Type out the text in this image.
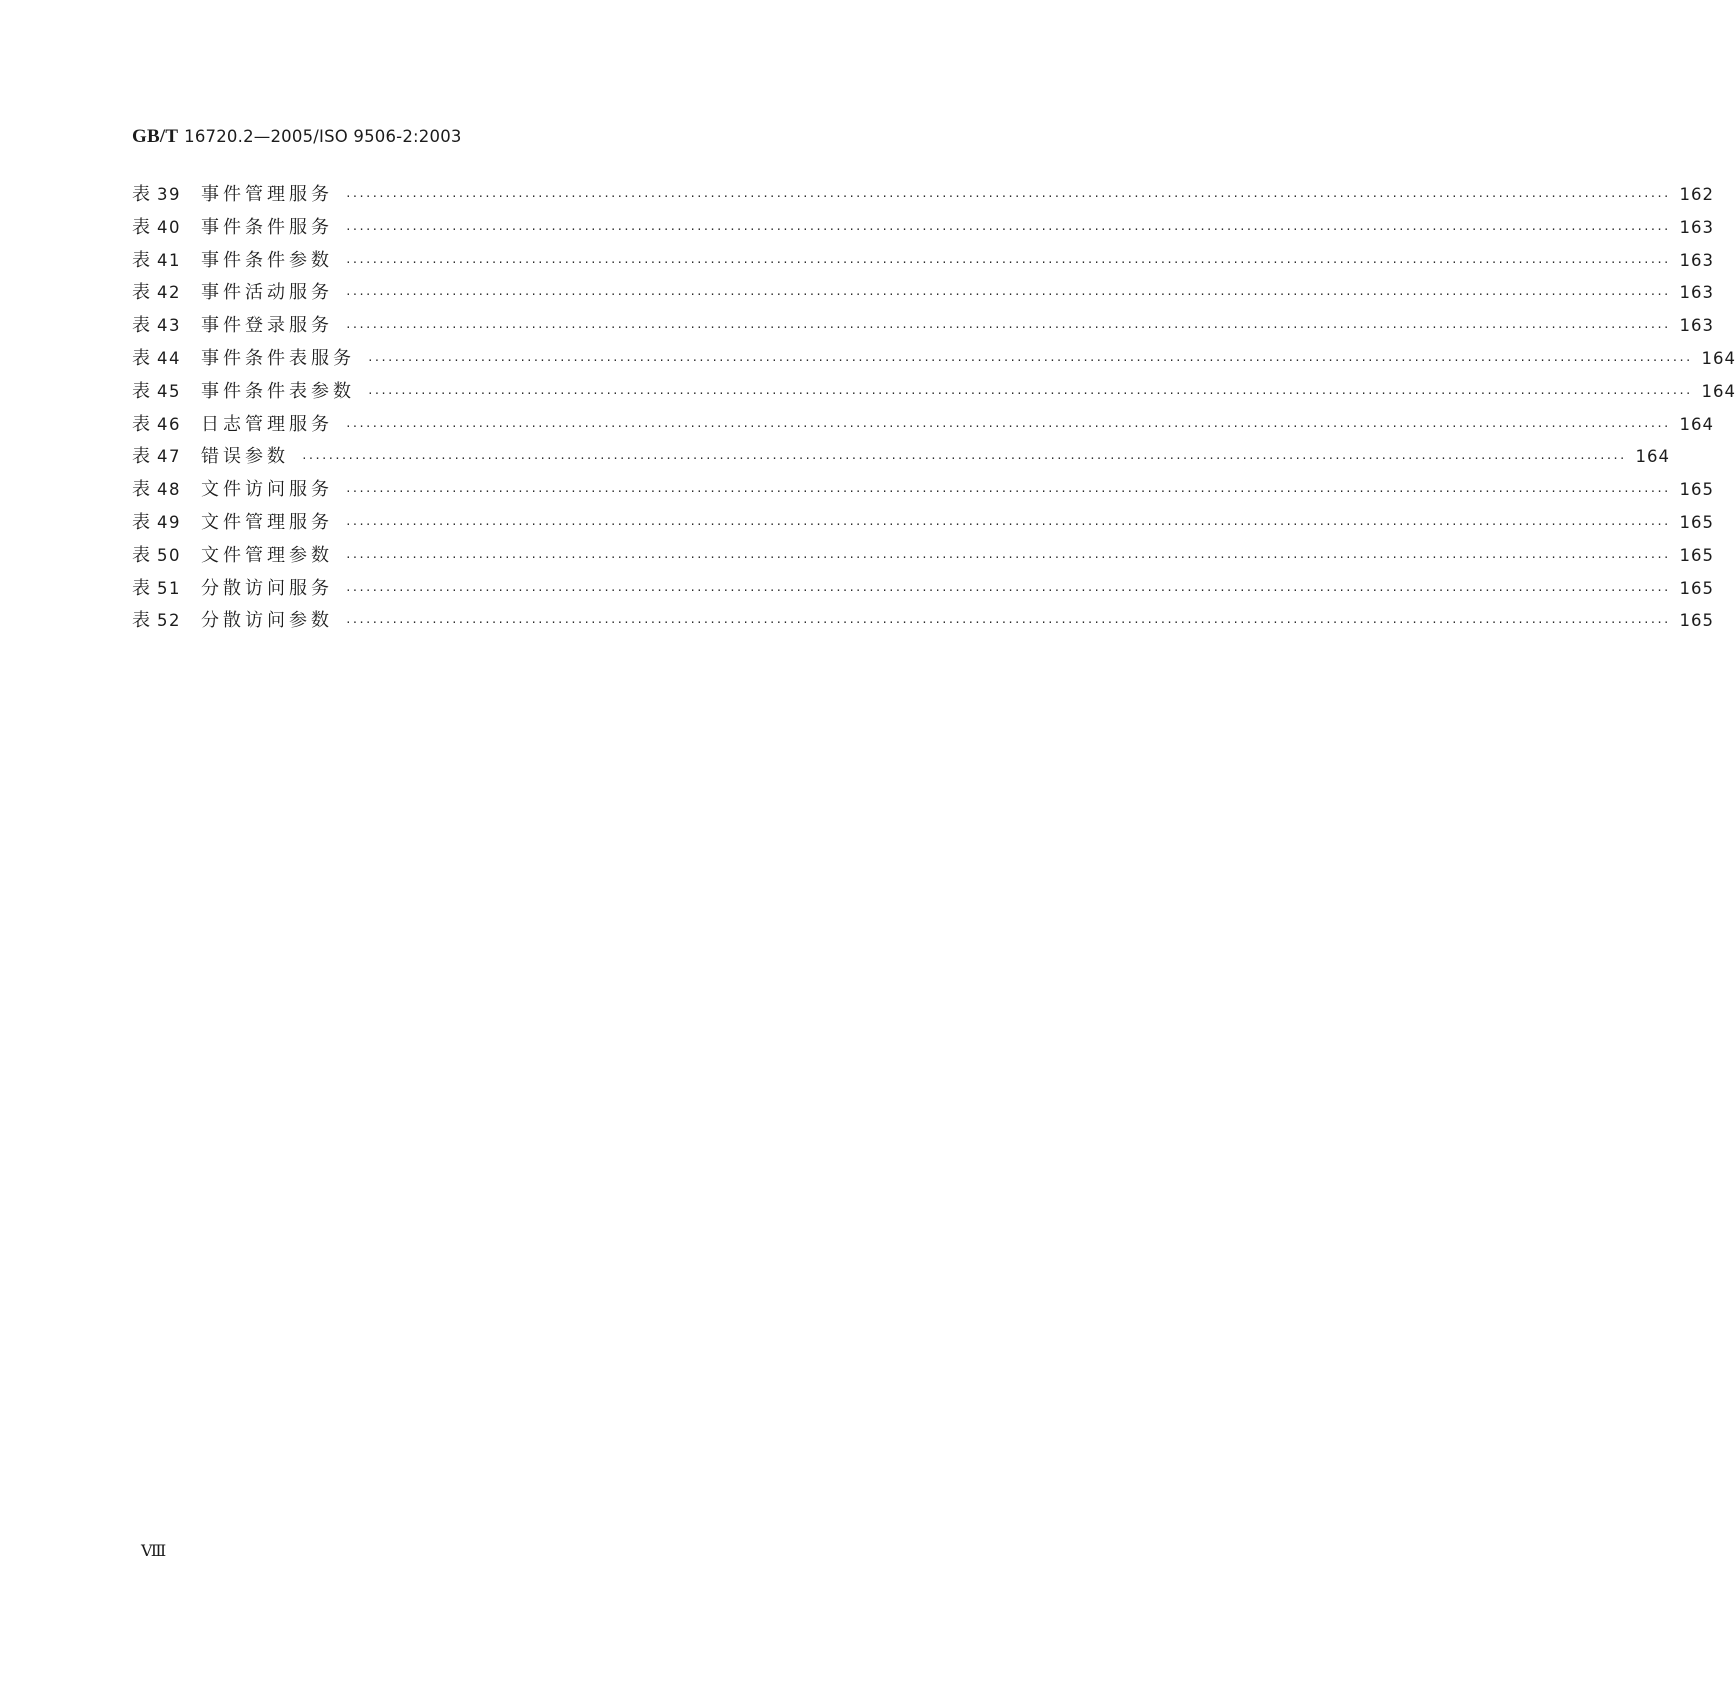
GB/T 16720.2—2005/ISO 9506-2:2003
表 39	事件管理服务	········································································································································································································ 162
表 40	事件条件服务	········································································································································································································ 163
表 41	事件条件参数	········································································································································································································ 163
表 42	事件活动服务	········································································································································································································ 163
表 43	事件登录服务	········································································································································································································ 163
表 44	事件条件表服务	········································································································································································································ 164
表 45	事件条件表参数	········································································································································································································ 164
表 46	日志管理服务	········································································································································································································ 164
表 47	错误参数	········································································································································································································ 164
表 48	文件访问服务	········································································································································································································ 165
表 49	文件管理服务	········································································································································································································ 165
表 50	文件管理参数	········································································································································································································ 165
表 51	分散访问服务	········································································································································································································ 165
表 52	分散访问参数	········································································································································································································ 165
Ⅷ
